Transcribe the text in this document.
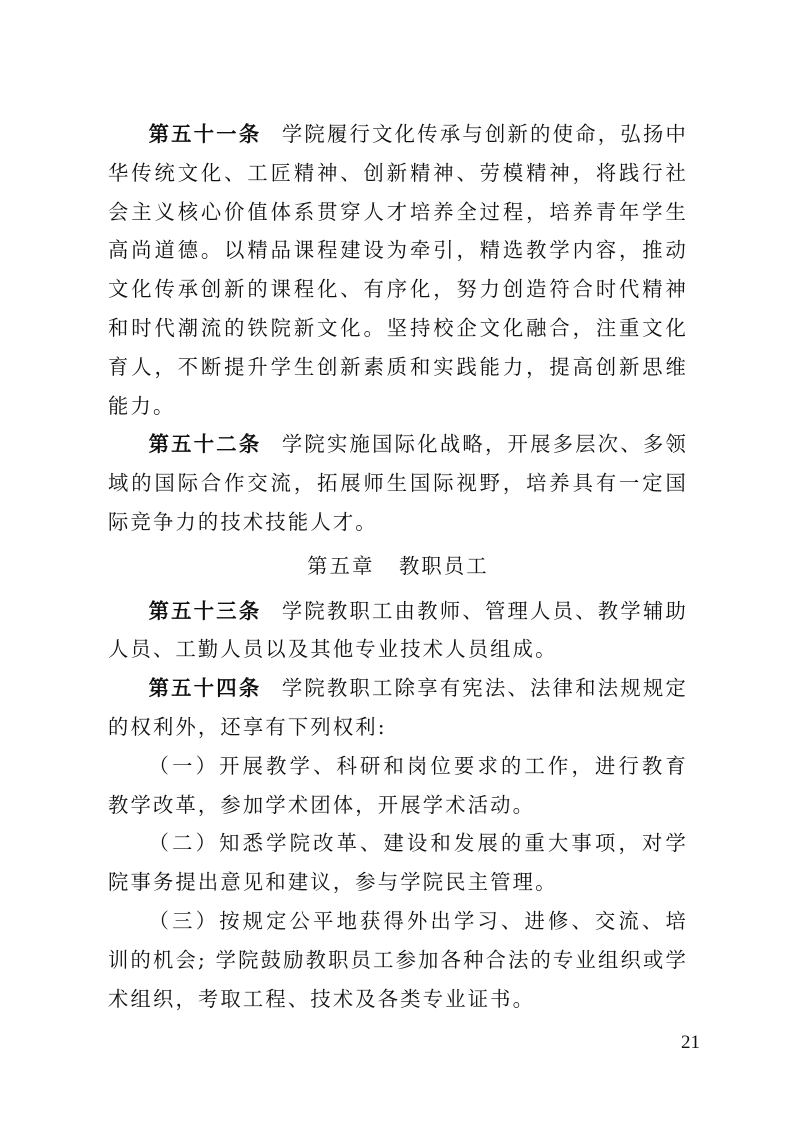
第五十一条 学院履行文化传承与创新的使命，弘扬中华传统文化、工匠精神、创新精神、劳模精神，将践行社会主义核心价值体系贯穿人才培养全过程，培养青年学生高尚道德。以精品课程建设为牵引，精选教学内容，推动文化传承创新的课程化、有序化，努力创造符合时代精神和时代潮流的铁院新文化。坚持校企文化融合，注重文化育人，不断提升学生创新素质和实践能力，提高创新思维能力。

第五十二条 学院实施国际化战略，开展多层次、多领域的国际合作交流，拓展师生国际视野，培养具有一定国际竞争力的技术技能人才。

第五章 教职员工

第五十三条 学院教职工由教师、管理人员、教学辅助人员、工勤人员以及其他专业技术人员组成。

第五十四条 学院教职工除享有宪法、法律和法规规定的权利外，还享有下列权利:

（一）开展教学、科研和岗位要求的工作，进行教育教学改革，参加学术团体，开展学术活动。

（二）知悉学院改革、建设和发展的重大事项，对学院事务提出意见和建议，参与学院民主管理。

（三）按规定公平地获得外出学习、进修、交流、培训的机会; 学院鼓励教职员工参加各种合法的专业组织或学术组织，考取工程、技术及各类专业证书。

21
